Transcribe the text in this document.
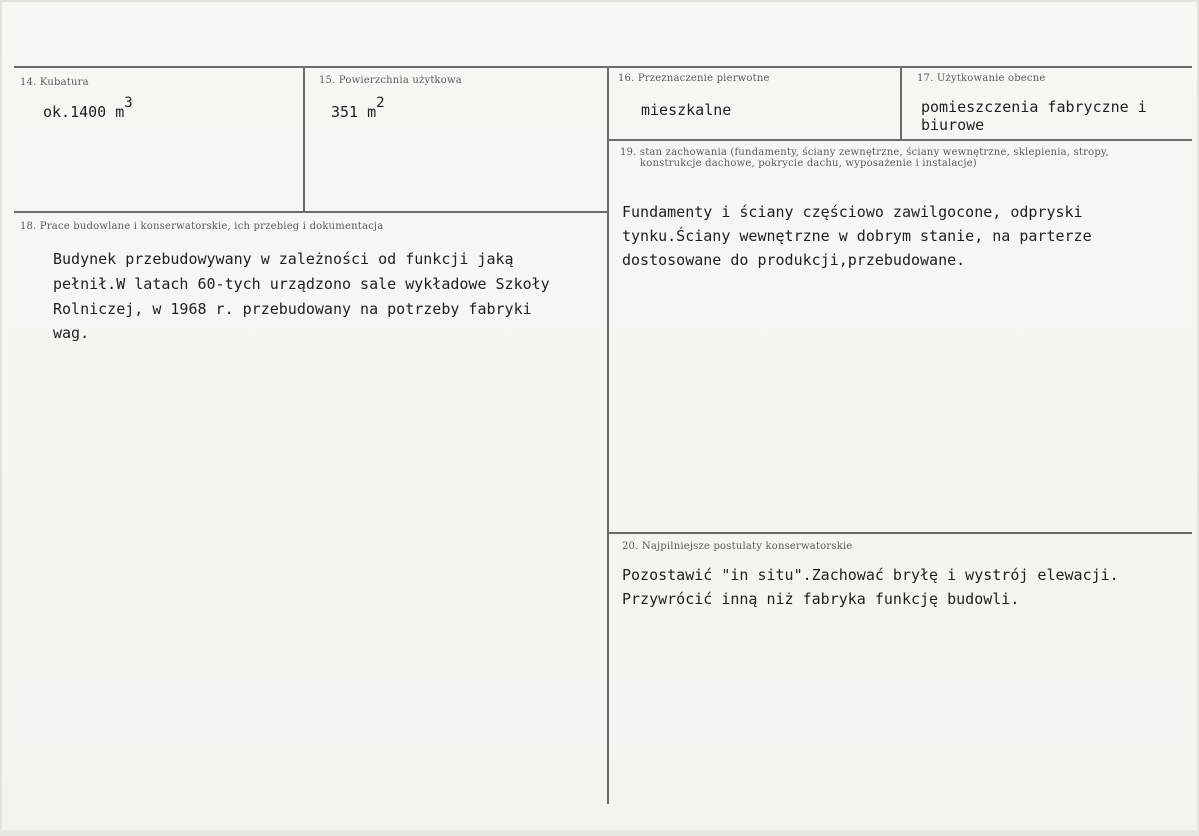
14. Kubatura
ok.1400 m3
15. Powierzchnia użytkowa
351 m2
16. Przeznaczenie pierwotne
mieszkalne
17. Użytkowanie obecne
pomieszczenia fabryczne i
biurowe
19. stan zachowania (fundamenty, ściany zewnętrzne, ściany wewnętrzne, sklepienia, stropy,
konstrukcje dachowe, pokrycie dachu, wyposażenie i instalacje)
Fundamenty i ściany częściowo zawilgocone, odpryski
tynku.Ściany wewnętrzne w dobrym stanie, na parterze
dostosowane do produkcji,przebudowane.
18. Prace budowlane i konserwatorskie, ich przebieg i dokumentacja
Budynek przebudowywany w zależności od funkcji jaką
pełnił.W latach 60-tych urządzono sale wykładowe Szkoły
Rolniczej, w 1968 r. przebudowany na potrzeby fabryki
wag.
20. Najpilniejsze postulaty konserwatorskie
Pozostawić "in situ".Zachować bryłę i wystrój elewacji.
Przywrócić inną niż fabryka funkcję budowli.
